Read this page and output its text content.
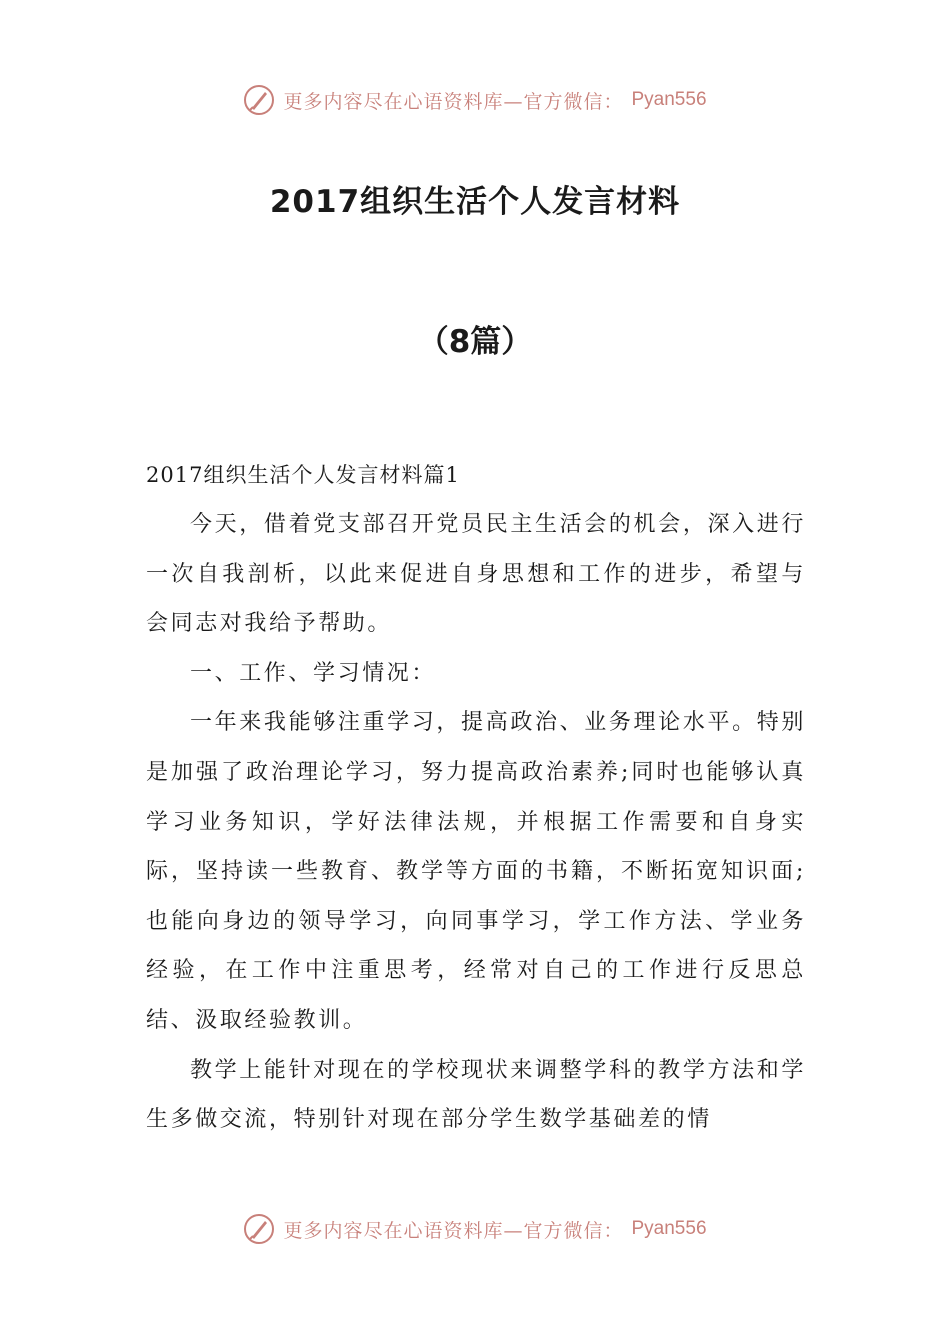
更多内容尽在心语资料库—官方微信： Pyan556
2017组织生活个人发言材料
（8篇）
2017组织生活个人发言材料篇1

今天，借着党支部召开党员民主生活会的机会，深入进行一次自我剖析，以此来促进自身思想和工作的进步，希望与会同志对我给予帮助。

一、工作、学习情况：

一年来我能够注重学习，提高政治、业务理论水平。特别是加强了政治理论学习，努力提高政治素养;同时也能够认真学习业务知识，学好法律法规，并根据工作需要和自身实际，坚持读一些教育、教学等方面的书籍，不断拓宽知识面;也能向身边的领导学习，向同事学习，学工作方法、学业务经验，在工作中注重思考，经常对自己的工作进行反思总结、汲取经验教训。

教学上能针对现在的学校现状来调整学科的教学方法和学生多做交流，特别针对现在部分学生数学基础差的情

更多内容尽在心语资料库—官方微信： Pyan556
